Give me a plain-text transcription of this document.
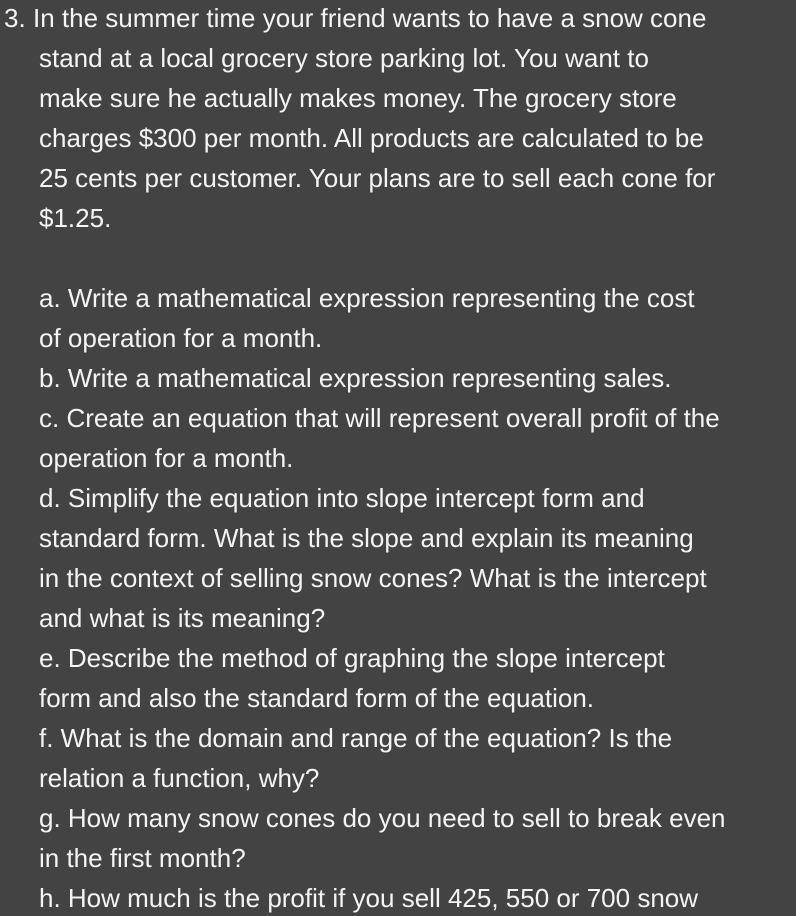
3. In the summer time your friend wants to have a snow cone
stand at a local grocery store parking lot. You want to
make sure he actually makes money. The grocery store
charges $300 per month. All products are calculated to be
25 cents per customer. Your plans are to sell each cone for
$1.25.
a. Write a mathematical expression representing the cost
of operation for a month.
b. Write a mathematical expression representing sales.
c. Create an equation that will represent overall profit of the
operation for a month.
d. Simplify the equation into slope intercept form and
standard form. What is the slope and explain its meaning
in the context of selling snow cones? What is the intercept
and what is its meaning?
e. Describe the method of graphing the slope intercept
form and also the standard form of the equation.
f. What is the domain and range of the equation? Is the
relation a function, why?
g. How many snow cones do you need to sell to break even
in the first month?
h. How much is the profit if you sell 425, 550 or 700 snow
